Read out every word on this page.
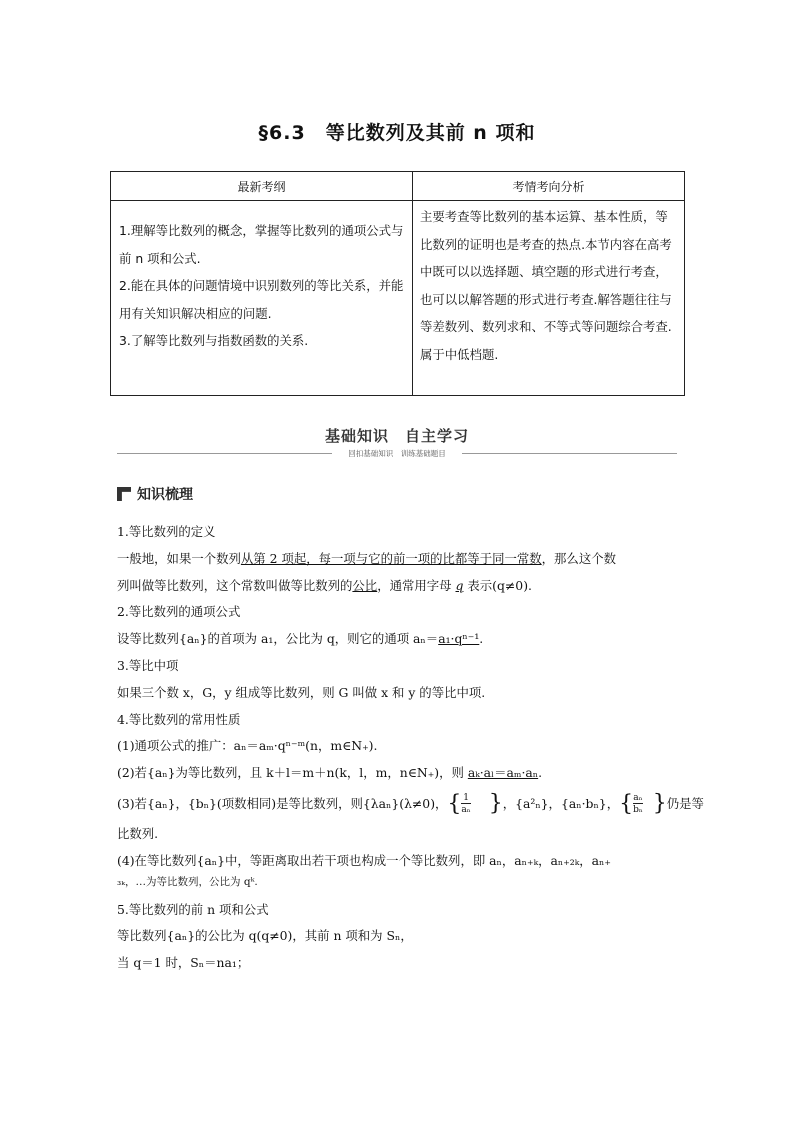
§6.3　等比数列及其前 n 项和
最新考纲	考情考向分析

1.理解等比数列的概念，掌握等比数列的通项公式与前 n 项和公式.

2.能在具体的问题情境中识别数列的等比关系，并能用有关知识解决相应的问题.

3.了解等比数列与指数函数的关系.	主要考查等比数列的基本运算、基本性质，等比数列的证明也是考查的热点.本节内容在高考中既可以以选择题、填空题的形式进行考查，也可以以解答题的形式进行考查.解答题往往与等差数列、数列求和、不等式等问题综合考查.属于中低档题.

基础知识　自主学习
回扣基础知识　训练基础题目
知识梳理
1.等比数列的定义
一般地，如果一个数列从第 2 项起，每一项与它的前一项的比都等于同一常数，那么这个数
列叫做等比数列，这个常数叫做等比数列的公比，通常用字母 q 表示(q≠0).
2.等比数列的通项公式
设等比数列{aₙ}的首项为 a₁，公比为 q，则它的通项 aₙ＝a₁·qⁿ⁻¹.
3.等比中项
如果三个数 x，G，y 组成等比数列，则 G 叫做 x 和 y 的等比中项.
4.等比数列的常用性质
(1)通项公式的推广：aₙ＝aₘ·qⁿ⁻ᵐ(n，m∈N₊).
(2)若{aₙ}为等比数列，且 k＋l＝m＋n(k，l，m，n∈N₊)，则 aₖ·aₗ＝aₘ·aₙ.
(3)若{aₙ}，{bₙ}(项数相同)是等比数列，则{λaₙ}(λ≠0)，{ $\frac{1}{\text{aₙ}}$ }，{a²ₙ}，{aₙ·bₙ}，{ $\frac{\text{aₙ}}{\text{bₙ}}$ }仍是等
比数列.
(4)在等比数列{aₙ}中，等距离取出若干项也构成一个等比数列，即 aₙ，aₙ₊ₖ，aₙ₊₂ₖ，aₙ₊
₃ₖ，…为等比数列，公比为 qᵏ.
5.等比数列的前 n 项和公式
等比数列{aₙ}的公比为 q(q≠0)，其前 n 项和为 Sₙ，
当 q＝1 时，Sₙ＝na₁；
